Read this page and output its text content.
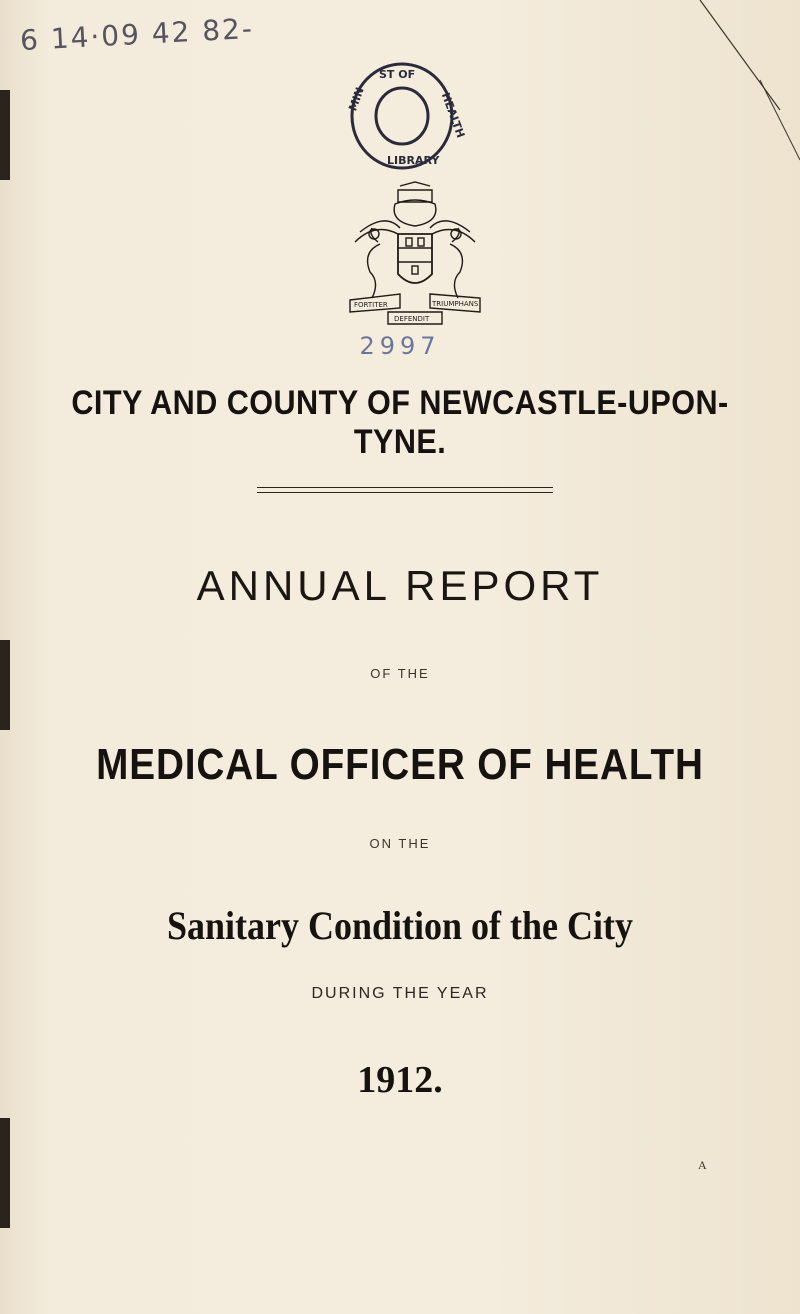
6 14·09 42 82-
ST OF
LIBRARY
MIN	HEALTH
FORTITER	TRIUMPHANS
DEFENDIT
2997
CITY AND COUNTY OF NEWCASTLE-UPON-TYNE.
ANNUAL REPORT
OF THE
MEDICAL OFFICER OF HEALTH
ON THE
Sanitary Condition of the City
DURING THE YEAR
1912.
A
